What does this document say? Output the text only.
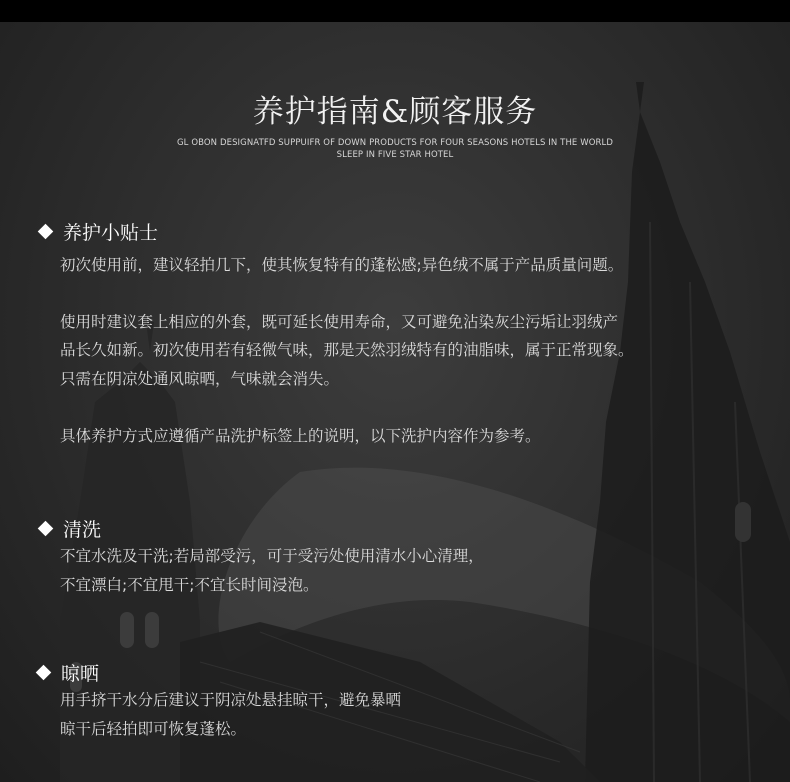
养护指南&顾客服务
GL OBON DESIGNATFD SUPPUIFR OF DOWN PRODUCTS FOR FOUR SEASONS HOTELS IN THE WORLD
SLEEP IN FIVE STAR HOTEL
养护小贴士
初次使用前，建议轻拍几下，使其恢复特有的蓬松感;异色绒不属于产品质量问题。
使用时建议套上相应的外套，既可延长使用寿命，又可避免沾染灰尘污垢让羽绒产
品长久如新。初次使用若有轻微气味，那是天然羽绒特有的油脂味，属于正常现象。
只需在阴凉处通风晾晒，气味就会消失。
具体养护方式应遵循产品洗护标签上的说明，以下洗护内容作为参考。
清洗
不宜水洗及干洗;若局部受污，可于受污处使用清水小心清理，
不宜漂白;不宜甩干;不宜长时间浸泡。
晾晒
用手挤干水分后建议于阴凉处悬挂晾干，避免暴晒
晾干后轻拍即可恢复蓬松。
